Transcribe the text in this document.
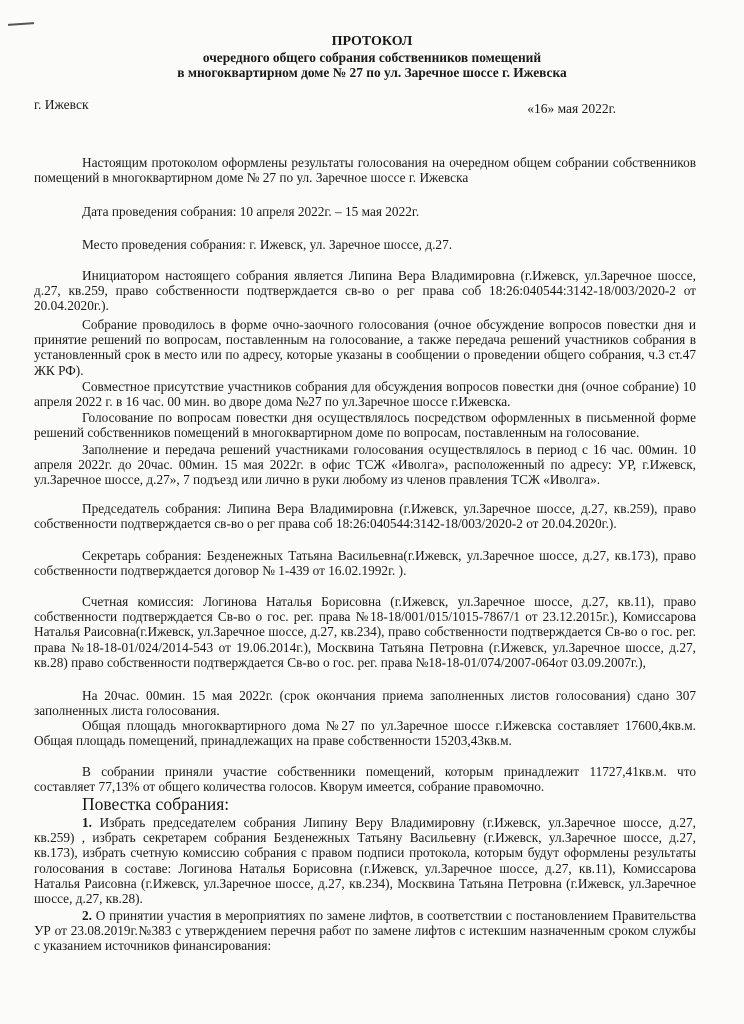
ПРОТОКОЛ
очередного общего собрания собственников помещений
в многоквартирном доме № 27 по ул. Заречное шоссе г. Ижевска
г. Ижевск	«16» мая 2022г.

Настоящим протоколом оформлены результаты голосования на очередном общем собрании собственников помещений в многоквартирном доме № 27 по ул. Заречное шоссе г. Ижевска

Дата проведения собрания: 10 апреля 2022г. – 15 мая 2022г.

Место проведения собрания: г. Ижевск, ул. Заречное шоссе, д.27.

Инициатором настоящего собрания является Липина Вера Владимировна (г.Ижевск, ул.Заречное шоссе, д.27, кв.259, право собственности подтверждается св-во о рег права соб 18:26:040544:3142-18/003/2020-2 от 20.04.2020г.).

Собрание проводилось в форме очно-заочного голосования (очное обсуждение вопросов повестки дня и принятие решений по вопросам, поставленным на голосование, а также передача решений участников собрания в установленный срок в место или по адресу, которые указаны в сообщении о проведении общего собрания, ч.3 ст.47 ЖК РФ).

Совместное присутствие участников собрания для обсуждения вопросов повестки дня (очное собрание) 10 апреля 2022 г. в 16 час. 00 мин. во дворе дома №27 по ул.Заречное шоссе г.Ижевска.

Голосование по вопросам повестки дня осуществлялось посредством оформленных в письменной форме решений собственников помещений в многоквартирном доме по вопросам, поставленным на голосование.

Заполнение и передача решений участниками голосования осуществлялось в период с 16 час. 00мин. 10 апреля 2022г. до 20час. 00мин. 15 мая 2022г. в офис ТСЖ «Иволга», расположенный по адресу: УР, г.Ижевск, ул.Заречное шоссе, д.27», 7 подъезд или лично в руки любому из членов правления ТСЖ «Иволга».

Председатель собрания: Липина Вера Владимировна (г.Ижевск, ул.Заречное шоссе, д.27, кв.259), право собственности подтверждается св-во о рег права соб 18:26:040544:3142-18/003/2020-2 от 20.04.2020г.).

Секретарь собрания: Безденежных Татьяна Васильевна(г.Ижевск, ул.Заречное шоссе, д.27, кв.173), право собственности подтверждается договор № 1-439 от 16.02.1992г. ).

Счетная комиссия: Логинова Наталья Борисовна (г.Ижевск, ул.Заречное шоссе, д.27, кв.11), право собственности подтверждается Св-во о гос. рег. права №18-18/001/015/1015-7867/1 от 23.12.2015г.), Комиссарова Наталья Раисовна(г.Ижевск, ул.Заречное шоссе, д.27, кв.234), право собственности подтверждается Св-во о гос. рег. права №18-18-01/024/2014-543 от 19.06.2014г.), Москвина Татьяна Петровна (г.Ижевск, ул.Заречное шоссе, д.27, кв.28) право собственности подтверждается Св-во о гос. рег. права №18-18-01/074/2007-064от 03.09.2007г.),

На 20час. 00мин. 15 мая 2022г. (срок окончания приема заполненных листов голосования) сдано 307 заполненных листа голосования.

Общая площадь многоквартирного дома №27 по ул.Заречное шоссе г.Ижевска составляет 17600,4кв.м. Общая площадь помещений, принадлежащих на праве собственности 15203,43кв.м.

В собрании приняли участие собственники помещений, которым принадлежит 11727,41кв.м. что составляет 77,13% от общего количества голосов. Кворум имеется, собрание правомочно.

Повестка собрания:

1. Избрать председателем собрания Липину Веру Владимировну (г.Ижевск, ул.Заречное шоссе, д.27, кв.259) , избрать секретарем собрания Безденежных Татьяну Васильевну (г.Ижевск, ул.Заречное шоссе, д.27, кв.173), избрать счетную комиссию собрания с правом подписи протокола, которым будут оформлены результаты голосования в составе: Логинова Наталья Борисовна (г.Ижевск, ул.Заречное шоссе, д.27, кв.11), Комиссарова Наталья Раисовна (г.Ижевск, ул.Заречное шоссе, д.27, кв.234), Москвина Татьяна Петровна (г.Ижевск, ул.Заречное шоссе, д.27, кв.28).

2. О принятии участия в мероприятиях по замене лифтов, в соответствии с постановлением Правительства УР от 23.08.2019г.№383 с утверждением перечня работ по замене лифтов с истекшим назначенным сроком службы с указанием источников финансирования:
